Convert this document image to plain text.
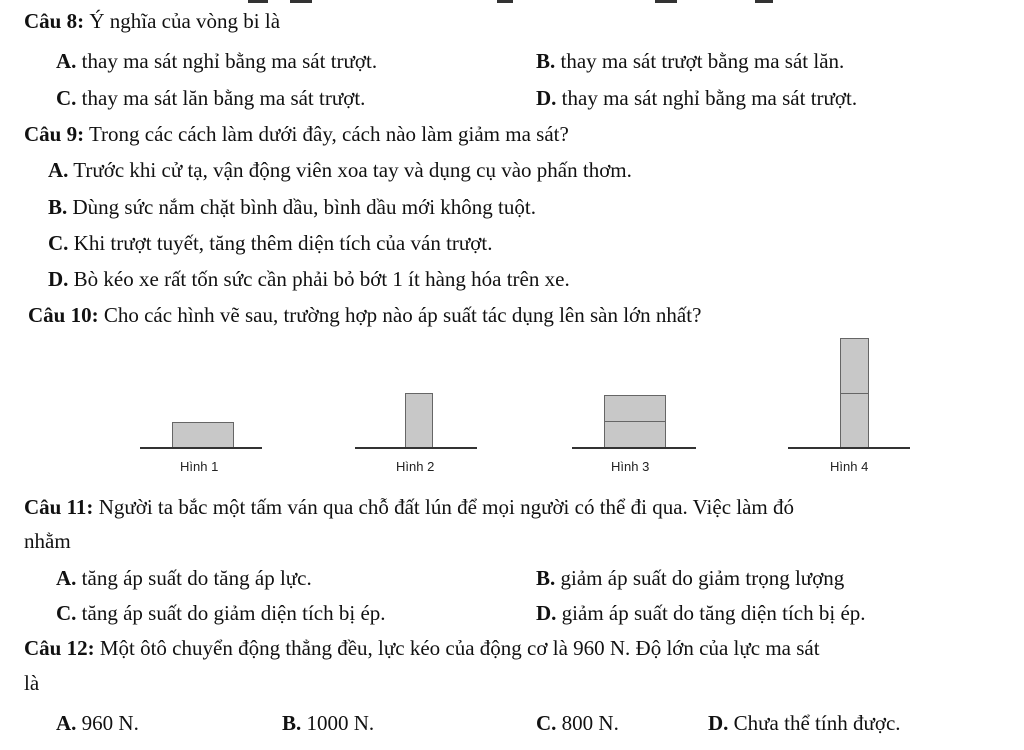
Câu 8: Ý nghĩa của vòng bi là
A. thay ma sát nghỉ bằng ma sát trượt.	B. thay ma sát trượt bằng ma sát lăn.
C. thay ma sát lăn bằng ma sát trượt.	D. thay ma sát nghỉ bằng ma sát trượt.
Câu 9: Trong các cách làm dưới đây, cách nào làm giảm ma sát?
A. Trước khi cử tạ, vận động viên xoa tay và dụng cụ vào phấn thơm.
B. Dùng sức nắm chặt bình dầu, bình dầu mới không tuột.
C. Khi trượt tuyết, tăng thêm diện tích của ván trượt.
D. Bò kéo xe rất tốn sức cần phải bỏ bớt 1 ít hàng hóa trên xe.
Câu 10: Cho các hình vẽ sau, trường hợp nào áp suất tác dụng lên sàn lớn nhất?
Hình 1	Hình 2	Hình 3	Hình 4
Câu 11: Người ta bắc một tấm ván qua chỗ đất lún để mọi người có thể đi qua. Việc làm đó
nhằm
A. tăng áp suất do tăng áp lực.	B. giảm áp suất do giảm trọng lượng
C. tăng áp suất do giảm diện tích bị ép.	D. giảm áp suất do tăng diện tích bị ép.
Câu 12: Một ôtô chuyển động thẳng đều, lực kéo của động cơ là 960 N. Độ lớn của lực ma sát
là
A. 960 N.	B. 1000 N.	C. 800 N.	D. Chưa thể tính được.
